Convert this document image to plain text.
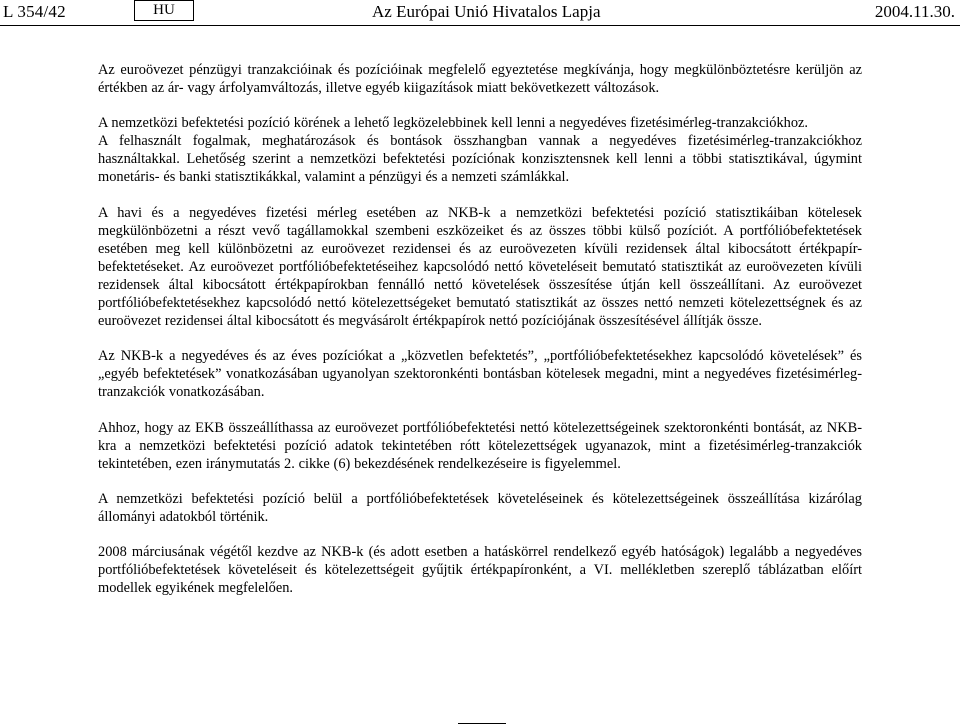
L 354/42	HU	Az Európai Unió Hivatalos Lapja	2004.11.30.

Az euroövezet pénzügyi tranzakcióinak és pozícióinak megfelelő egyeztetése megkívánja, hogy megkülönböztetésre kerüljön az értékben az ár- vagy árfolyamváltozás, illetve egyéb kiigazítások miatt bekövetkezett változások.

A nemzetközi befektetési pozíció körének a lehető legközelebbinek kell lenni a negyedéves fizetésimérleg-tranzakciókhoz.

A felhasznált fogalmak, meghatározások és bontások összhangban vannak a negyedéves fizetésimérleg-tranzakciókhoz használtakkal. Lehetőség szerint a nemzetközi befektetési pozíciónak konzisztensnek kell lenni a többi statisztikával, úgymint monetáris- és banki statisztikákkal, valamint a pénzügyi és a nemzeti számlákkal.

A havi és a negyedéves fizetési mérleg esetében az NKB-k a nemzetközi befektetési pozíció statisztikáiban kötelesek megkülönbözetni a részt vevő tagállamokkal szembeni eszközeiket és az összes többi külső pozíciót. A portfólióbefektetések esetében meg kell különbözetni az euroövezet rezidensei és az euroövezeten kívüli rezidensek által kibocsátott értékpapír-befektetéseket. Az euroövezet portfólióbefektetéseihez kapcsolódó nettó követeléseit bemutató statisztikát az euroövezeten kívüli rezidensek által kibocsátott értékpapírokban fennálló nettó követelések összesítése útján kell összeállítani. Az euroövezet portfólióbefektetésekhez kapcsolódó nettó kötelezettségeket bemutató statisztikát az összes nettó nemzeti kötelezettségnek és az euroövezet rezidensei által kibocsátott és megvásárolt értékpapírok nettó pozíciójának összesítésével állítják össze.

Az NKB-k a negyedéves és az éves pozíciókat a „közvetlen befektetés”, „portfólióbefektetésekhez kapcsolódó követelések” és „egyéb befektetések” vonatkozásában ugyanolyan szektoronkénti bontásban kötelesek megadni, mint a negyedéves fizetésimérleg-tranzakciók vonatkozásában.

Ahhoz, hogy az EKB összeállíthassa az euroövezet portfólióbefektetési nettó kötelezettségeinek szektoronkénti bontását, az NKB-kra a nemzetközi befektetési pozíció adatok tekintetében rótt kötelezettségek ugyanazok, mint a fizetésimérleg-tranzakciók tekintetében, ezen iránymutatás 2. cikke (6) bekezdésének rendelkezéseire is figyelemmel.

A nemzetközi befektetési pozíció belül a portfólióbefektetések követeléseinek és kötelezettségeinek összeállítása kizárólag állományi adatokból történik.

2008 márciusának végétől kezdve az NKB-k (és adott esetben a hatáskörrel rendelkező egyéb hatóságok) legalább a negyedéves portfólióbefektetések követeléseit és kötelezettségeit gyűjtik értékpapíronként, a VI. mellékletben szereplő táblázatban előírt modellek egyikének megfelelően.
